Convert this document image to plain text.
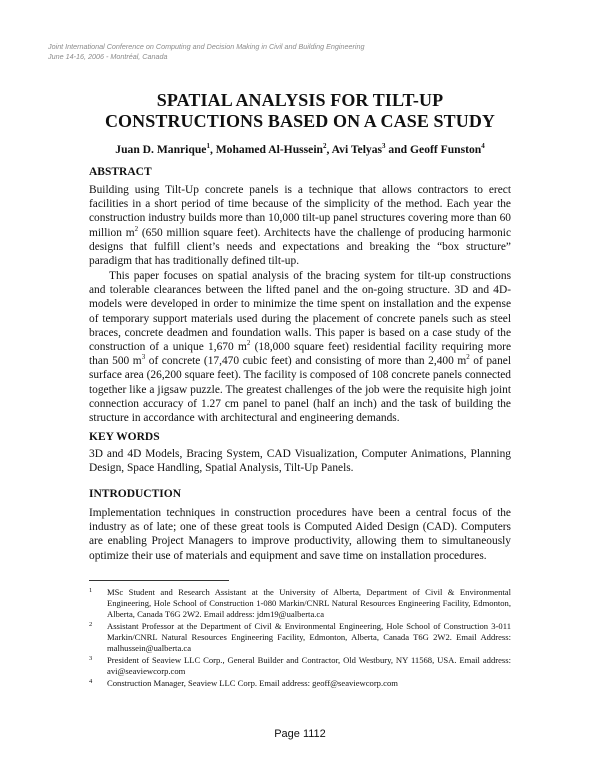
Joint International Conference on Computing and Decision Making in Civil and Building Engineering
June 14-16, 2006 - Montréal, Canada
SPATIAL ANALYSIS FOR TILT-UP
CONSTRUCTIONS BASED ON A CASE STUDY
Juan D. Manrique$^1$, Mohamed Al-Hussein$^2$, Avi Telyas$^3$ and Geoff Funston$^4$
ABSTRACT

Building using Tilt-Up concrete panels is a technique that allows contractors to erect facilities in a short period of time because of the simplicity of the method. Each year the construction industry builds more than 10,000 tilt-up panel structures covering more than 60 million $m^2$ (650 million square feet). Architects have the challenge of producing harmonic designs that fulfill client’s needs and expectations and breaking the “box structure” paradigm that has traditionally defined tilt-up.

This paper focuses on spatial analysis of the bracing system for tilt-up constructions and tolerable clearances between the lifted panel and the on-going structure. 3D and 4D-models were developed in order to minimize the time spent on installation and the expense of temporary support materials used during the placement of concrete panels such as steel braces, concrete deadmen and foundation walls. This paper is based on a case study of the construction of a unique 1,670 $m^2$ (18,000 square feet) residential facility requiring more than 500 $m^3$ of concrete (17,470 cubic feet) and consisting of more than 2,400 $m^2$ of panel surface area (26,200 square feet). The facility is composed of 108 concrete panels connected together like a jigsaw puzzle. The greatest challenges of the job were the requisite high joint connection accuracy of 1.27 cm panel to panel (half an inch) and the task of building the structure in accordance with architectural and engineering demands.

KEY WORDS

3D and 4D Models, Bracing System, CAD Visualization, Computer Animations, Planning Design, Space Handling, Spatial Analysis, Tilt-Up Panels.

INTRODUCTION

Implementation techniques in construction procedures have been a central focus of the industry as of late; one of these great tools is Computed Aided Design (CAD). Computers are enabling Project Managers to improve productivity, allowing them to simultaneously optimize their use of materials and equipment and save time on installation procedures.

1 MSc Student and Research Assistant at the University of Alberta, Department of Civil & Environmental Engineering, Hole School of Construction 1-080 Markin/CNRL Natural Resources Engineering Facility, Edmonton, Alberta, Canada T6G 2W2. Email address: jdm19@ualberta.ca
2 Assistant Professor at the Department of Civil & Environmental Engineering, Hole School of Construction 3-011 Markin/CNRL Natural Resources Engineering Facility, Edmonton, Alberta, Canada T6G 2W2. Email Address: malhussein@ualberta.ca
3 President of Seaview LLC Corp., General Builder and Contractor, Old Westbury, NY 11568, USA. Email address: avi@seaviewcorp.com
4 Construction Manager, Seaview LLC Corp. Email address: geoff@seaviewcorp.com
Page 1112
